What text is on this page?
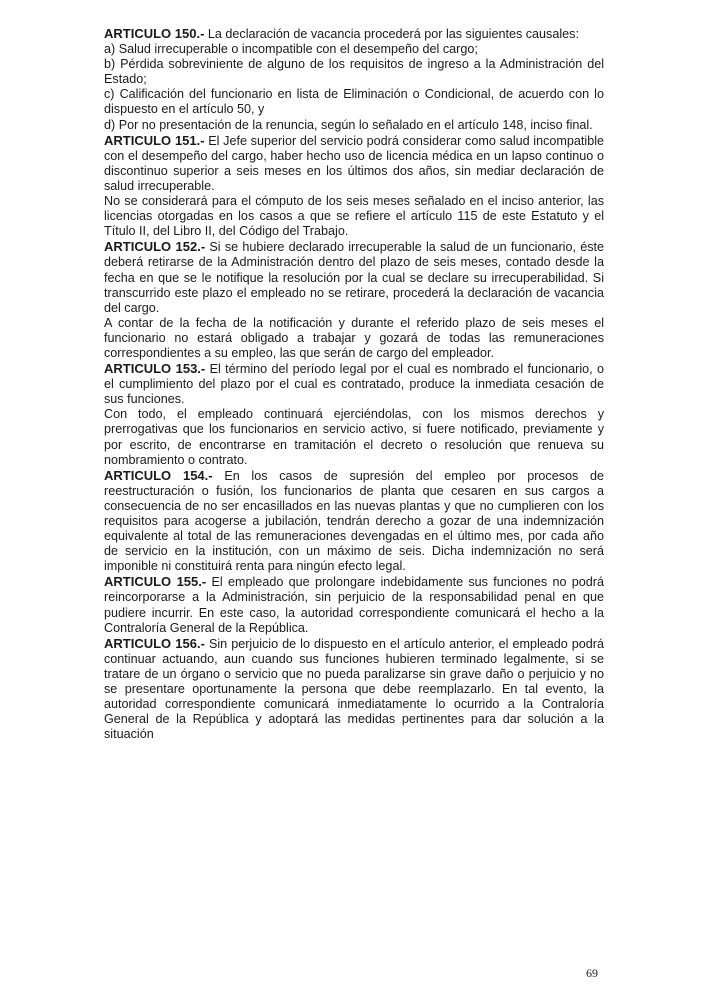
ARTICULO 150.- La declaración de vacancia procederá por las siguientes causales:

a) Salud irrecuperable o incompatible con el desempeño del cargo;

b) Pérdida sobreviniente de alguno de los requisitos de ingreso a la Administración del Estado;

c) Calificación del funcionario en lista de Eliminación o Condicional, de acuerdo con lo dispuesto en el artículo 50, y

d) Por no presentación de la renuncia, según lo señalado en el artículo 148, inciso final.

ARTICULO 151.- El Jefe superior del servicio podrá considerar como salud incompatible con el desempeño del cargo, haber hecho uso de licencia médica en un lapso continuo o discontinuo superior a seis meses en los últimos dos años, sin mediar declaración de salud irrecuperable.

No se considerará para el cómputo de los seis meses señalado en el inciso anterior, las licencias otorgadas en los casos a que se refiere el artículo 115 de este Estatuto y el Título II, del Libro II, del Código del Trabajo.

ARTICULO 152.- Si se hubiere declarado irrecuperable la salud de un funcionario, éste deberá retirarse de la Administración dentro del plazo de seis meses, contado desde la fecha en que se le notifique la resolución por la cual se declare su irrecuperabilidad. Si transcurrido este plazo el empleado no se retirare, procederá la declaración de vacancia del cargo.

A contar de la fecha de la notificación y durante el referido plazo de seis meses el funcionario no estará obligado a trabajar y gozará de todas las remuneraciones correspondientes a su empleo, las que serán de cargo del empleador.

ARTICULO 153.- El término del período legal por el cual es nombrado el funcionario, o el cumplimiento del plazo por el cual es contratado, produce la inmediata cesación de sus funciones.

Con todo, el empleado continuará ejerciéndolas, con los mismos derechos y prerrogativas que los funcionarios en servicio activo, si fuere notificado, previamente y por escrito, de encontrarse en tramitación el decreto o resolución que renueva su nombramiento o contrato.

ARTICULO 154.- En los casos de supresión del empleo por procesos de reestructuración o fusión, los funcionarios de planta que cesaren en sus cargos a consecuencia de no ser encasillados en las nuevas plantas y que no cumplieren con los requisitos para acogerse a jubilación, tendrán derecho a gozar de una indemnización equivalente al total de las remuneraciones devengadas en el último mes, por cada año de servicio en la institución, con un máximo de seis. Dicha indemnización no será imponible ni constituirá renta para ningún efecto legal.

ARTICULO 155.- El empleado que prolongare indebidamente sus funciones no podrá reincorporarse a la Administración, sin perjuicio de la responsabilidad penal en que pudiere incurrir. En este caso, la autoridad correspondiente comunicará el hecho a la Contraloría General de la República.

ARTICULO 156.- Sin perjuicio de lo dispuesto en el artículo anterior, el empleado podrá continuar actuando, aun cuando sus funciones hubieren terminado legalmente, si se tratare de un órgano o servicio que no pueda paralizarse sin grave daño o perjuicio y no se presentare oportunamente la persona que debe reemplazarlo. En tal evento, la autoridad correspondiente comunicará inmediatamente lo ocurrido a la Contraloría General de la República y adoptará las medidas pertinentes para dar solución a la situación

69
